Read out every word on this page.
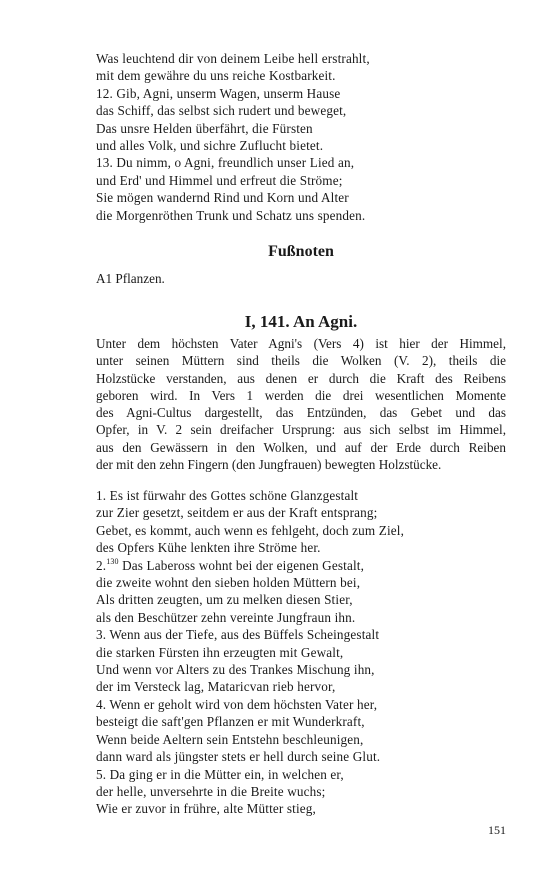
Was leuchtend dir von deinem Leibe hell erstrahlt,
mit dem gewähre du uns reiche Kostbarkeit.
12. Gib, Agni, unserm Wagen, unserm Hause
das Schiff, das selbst sich rudert und beweget,
Das unsre Helden überfährt, die Fürsten
und alles Volk, und sichre Zuflucht bietet.
13. Du nimm, o Agni, freundlich unser Lied an,
und Erd' und Himmel und erfreut die Ströme;
Sie mögen wandernd Rind und Korn und Alter
die Morgenröthen Trunk und Schatz uns spenden.
Fußnoten
A1 Pflanzen.
I, 141. An Agni.
Unter dem höchsten Vater Agni's (Vers 4) ist hier der Himmel,
unter seinen Müttern sind theils die Wolken (V. 2), theils die
Holzstücke verstanden, aus denen er durch die Kraft des Reibens
geboren wird. In Vers 1 werden die drei wesentlichen Momente
des Agni-Cultus dargestellt, das Entzünden, das Gebet und das
Opfer, in V. 2 sein dreifacher Ursprung: aus sich selbst im Himmel,
aus den Gewässern in den Wolken, und auf der Erde durch Reiben
der mit den zehn Fingern (den Jungfrauen) bewegten Holzstücke.
1. Es ist fürwahr des Gottes schöne Glanzgestalt
zur Zier gesetzt, seitdem er aus der Kraft entsprang;
Gebet, es kommt, auch wenn es fehlgeht, doch zum Ziel,
des Opfers Kühe lenkten ihre Ströme her.
2.$^{130}$ Das Labeross wohnt bei der eigenen Gestalt,
die zweite wohnt den sieben holden Müttern bei,
Als dritten zeugten, um zu melken diesen Stier,
als den Beschützer zehn vereinte Jungfraun ihn.
3. Wenn aus der Tiefe, aus des Büffels Scheingestalt
die starken Fürsten ihn erzeugten mit Gewalt,
Und wenn vor Alters zu des Trankes Mischung ihn,
der im Versteck lag, Mataricvan rieb hervor,
4. Wenn er geholt wird von dem höchsten Vater her,
besteigt die saft'gen Pflanzen er mit Wunderkraft,
Wenn beide Aeltern sein Entstehn beschleunigen,
dann ward als jüngster stets er hell durch seine Glut.
5. Da ging er in die Mütter ein, in welchen er,
der helle, unversehrte in die Breite wuchs;
Wie er zuvor in frühre, alte Mütter stieg,
151
